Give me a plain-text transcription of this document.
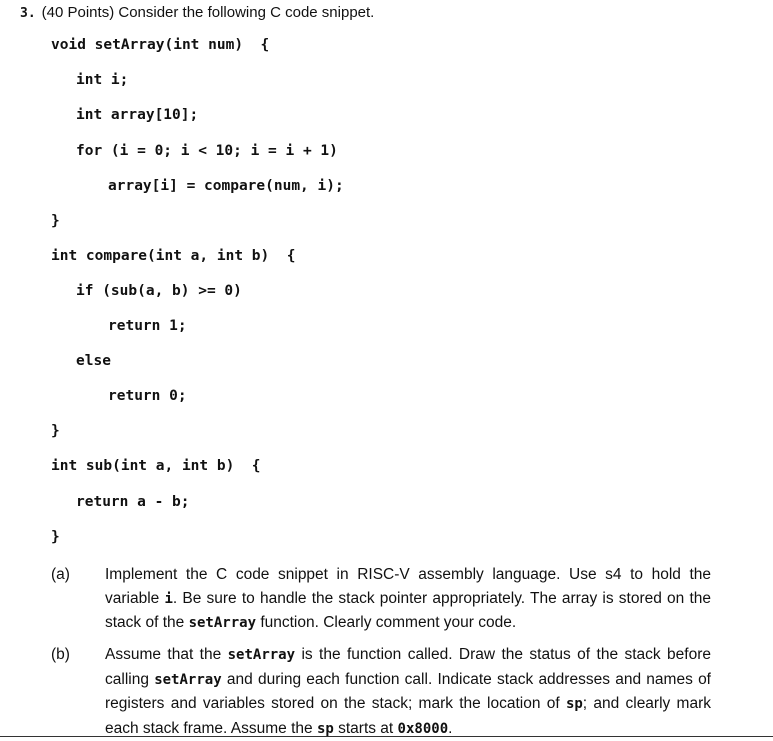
3. (40 Points) Consider the following C code snippet.
void setArray(int num)  {
int i;
int array[10];
for (i = 0; i < 10; i = i + 1)
array[i] = compare(num, i);
}
int compare(int a, int b)  {
if (sub(a, b) >= 0)
return 1;
else
return 0;
}
int sub(int a, int b)  {
return a - b;
}
(a) Implement the C code snippet in RISC-V assembly language. Use s4 to hold the variable i. Be sure to handle the stack pointer appropriately. The array is stored on the stack of the setArray function. Clearly comment your code.
(b) Assume that the setArray is the function called. Draw the status of the stack before calling setArray and during each function call. Indicate stack addresses and names of registers and variables stored on the stack; mark the location of sp; and clearly mark each stack frame. Assume the sp starts at 0x8000.
